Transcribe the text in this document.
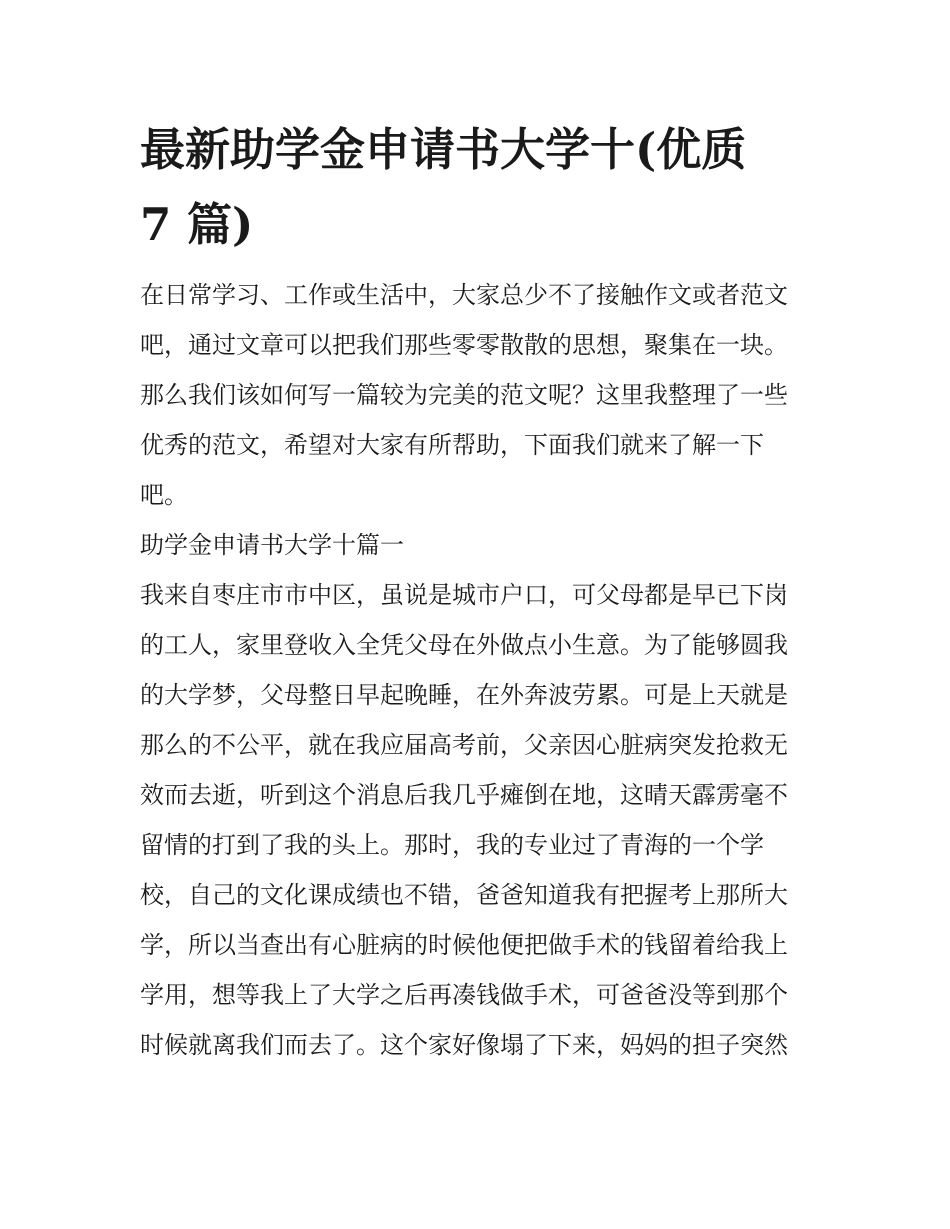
最新助学金申请书大学十(优质
7 篇)

在日常学习、工作或生活中，大家总少不了接触作文或者范文
吧，通过文章可以把我们那些零零散散的思想，聚集在一块。
那么我们该如何写一篇较为完美的范文呢？这里我整理了一些
优秀的范文，希望对大家有所帮助，下面我们就来了解一下
吧。

助学金申请书大学十篇一

我来自枣庄市市中区，虽说是城市户口，可父母都是早已下岗
的工人，家里登收入全凭父母在外做点小生意。为了能够圆我
的大学梦，父母整日早起晚睡，在外奔波劳累。可是上天就是
那么的不公平，就在我应届高考前，父亲因心脏病突发抢救无
效而去逝，听到这个消息后我几乎瘫倒在地，这晴天霹雳毫不
留情的打到了我的头上。那时，我的专业过了青海的一个学
校，自己的文化课成绩也不错，爸爸知道我有把握考上那所大
学，所以当查出有心脏病的时候他便把做手术的钱留着给我上
学用，想等我上了大学之后再凑钱做手术，可爸爸没等到那个
时候就离我们而去了。这个家好像塌了下来，妈妈的担子突然
